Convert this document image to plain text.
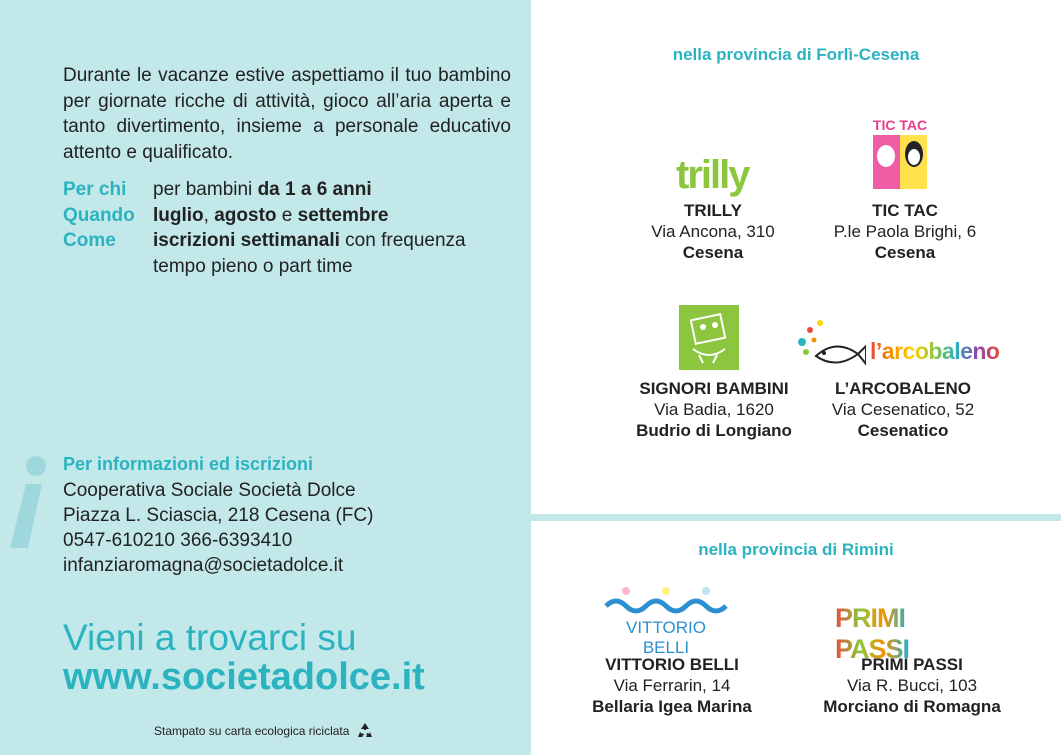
Durante le vacanze estive aspettiamo il tuo bambino per giornate ricche di attività, gioco all’aria aperta e tanto divertimento, insieme a personale educativo attento e qualificato.

Per chi per bambini da 1 a 6 anni
Quando luglio, agosto e settembre
Come iscrizioni settimanali con frequenza tempo pieno o part time
Per informazioni ed iscrizioni
Cooperativa Sociale Società Dolce
Piazza L. Sciascia, 218 Cesena (FC)
0547-610210 366-6393410
infanziaromagna@societadolce.it
Vieni a trovarci su
www.societadolce.it
Stampato su carta ecologica riciclata
nella provincia di Forlì-Cesena
trilly
TRILLY
Via Ancona, 310
Cesena
TIC TAC
TIC TAC
P.le Paola Brighi, 6
Cesena
SIGNORI BAMBINI
Via Badia, 1620
Budrio di Longiano
l’arcobaleno
L’ARCOBALENO
Via Cesenatico, 52
Cesenatico
nella provincia di Rimini
VITTORIO BELLI
VITTORIO BELLI
Via Ferrarin, 14
Bellaria Igea Marina
PRIMI PASSI
PRIMI PASSI
Via R. Bucci, 103
Morciano di Romagna
